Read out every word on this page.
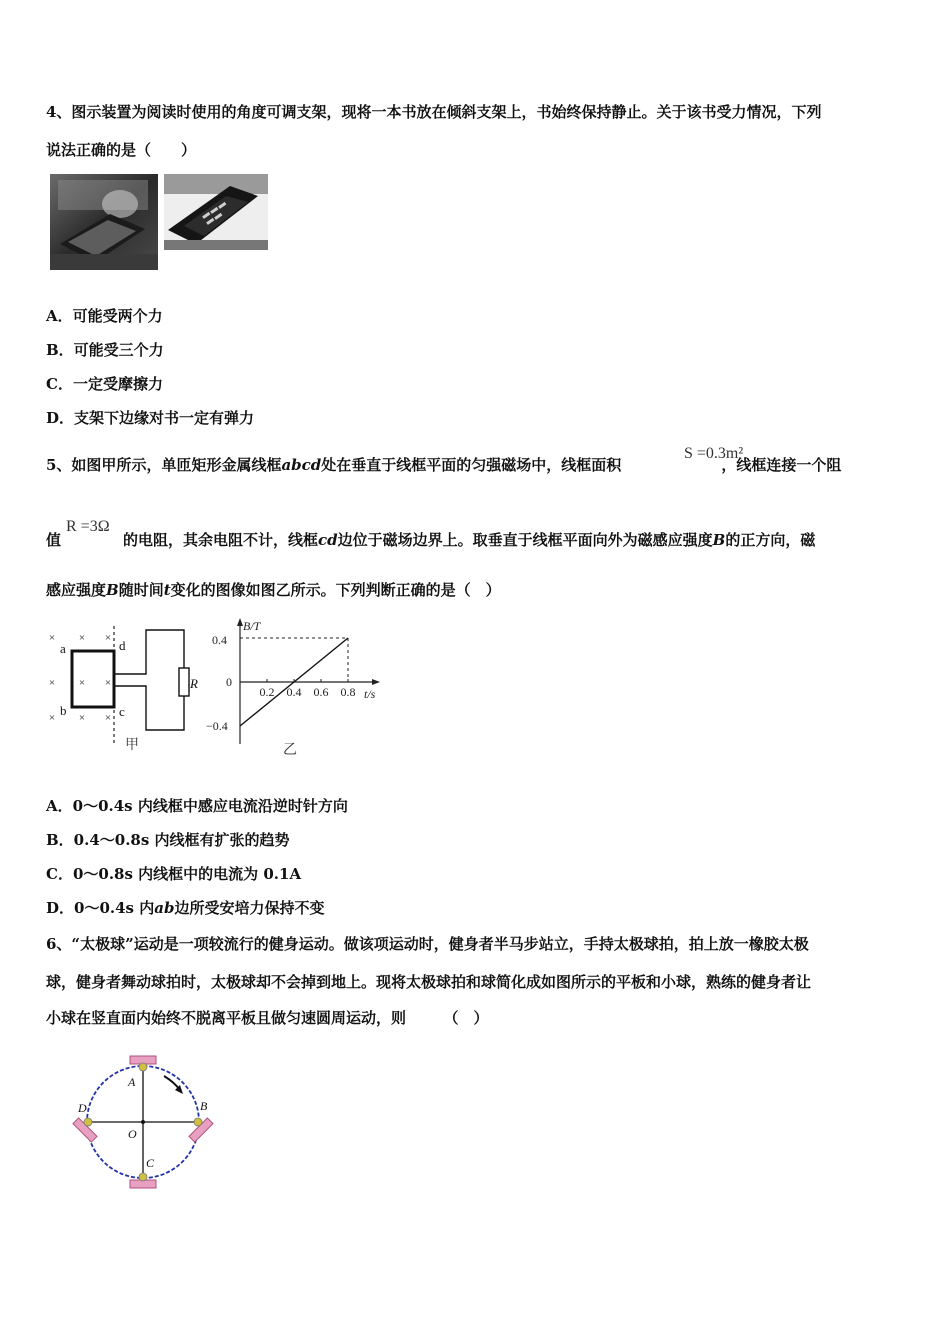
4、图示装置为阅读时使用的角度可调支架，现将一本书放在倾斜支架上，书始终保持静止。关于该书受力情况，下列
说法正确的是（　　）
A．可能受两个力
B．可能受三个力
C．一定受摩擦力
D．支架下边缘对书一定有弹力
5、如图甲所示，单匝矩形金属线框abcd处在垂直于线框平面的匀强磁场中，线框面积	，线框连接一个阻
S =0.3m²
值	的电阻，其余电阻不计，线框cd边位于磁场边界上。取垂直于线框平面向外为磁感应强度B的正方向，磁
R =3Ω
感应强度B随时间t变化的图像如图乙所示。下列判断正确的是（　）
× × ×
× × ×
× × ×
a
b	c
d
R
甲
B/T
t/s
0
0.4
−0.4
0.2 0.4 0.6 0.8
乙
A．0～0.4s 内线框中感应电流沿逆时针方向
B．0.4～0.8s 内线框有扩张的趋势
C．0～0.8s 内线框中的电流为 0.1A
D．0～0.4s 内ab边所受安培力保持不变
6、“太极球”运动是一项较流行的健身运动。做该项运动时，健身者半马步站立，手持太极球拍，拍上放一橡胶太极
球，健身者舞动球拍时，太极球却不会掉到地上。现将太极球拍和球简化成如图所示的平板和小球，熟练的健身者让
小球在竖直面内始终不脱离平板且做匀速圆周运动，则　　　（　）
A
B
C
D
O
